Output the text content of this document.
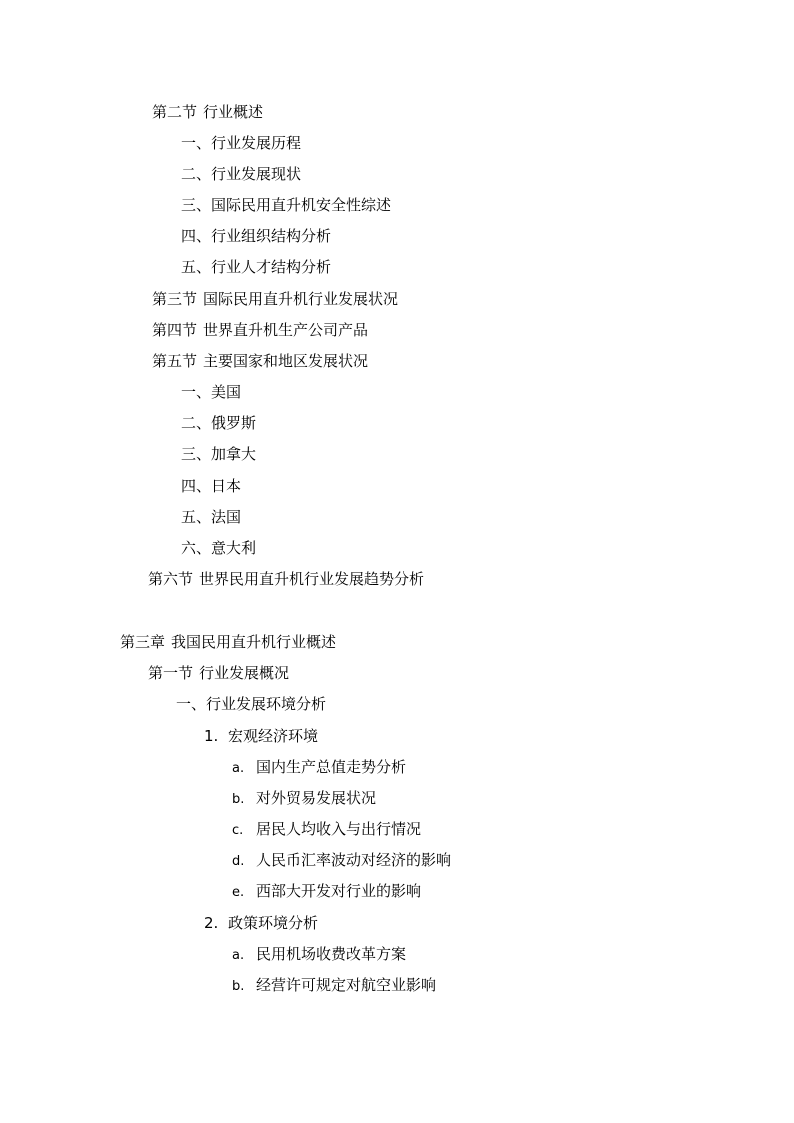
第二节 行业概述
一、行业发展历程
二、行业发展现状
三、国际民用直升机安全性综述
四、行业组织结构分析
五、行业人才结构分析
第三节 国际民用直升机行业发展状况
第四节 世界直升机生产公司产品
第五节 主要国家和地区发展状况
一、美国
二、俄罗斯
三、加拿大
四、日本
五、法国
六、意大利
第六节 世界民用直升机行业发展趋势分析
第三章 我国民用直升机行业概述
第一节 行业发展概况
一、行业发展环境分析
1. 宏观经济环境
a. 国内生产总值走势分析
b. 对外贸易发展状况
c. 居民人均收入与出行情况
d. 人民币汇率波动对经济的影响
e. 西部大开发对行业的影响
2. 政策环境分析
a. 民用机场收费改革方案
b. 经营许可规定对航空业影响
